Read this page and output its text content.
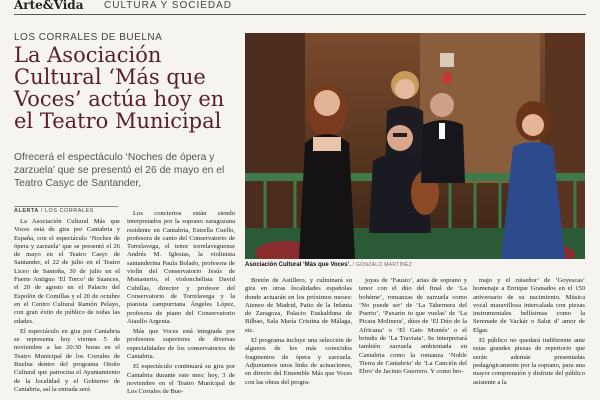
Arte&Vida CULTURA Y SOCIEDAD
LOS CORRALES DE BUELNA
La Asociación Cultural ‘Más que Voces’ actúa hoy en el Teatro Municipal
Ofrecerá el espectáculo ‘Noches de ópera y zarzuela’ que se presentó el 26 de mayo en el Teatro Casyc de Santander,
ALERTA / LOS CORRALES

La Asociación Cultural Más que Voces está de gira por Cantabria y España, con el espectáculo ‘Noches de ópera y zarzuela’ que se presentó el 26 de mayo en el Teatro Casyc de Santander, el 22 de julio en el Teatro Liceo de Santoña, 30 de julio en el Fuerte Antiguo ‘El Torco’ de Suances, el 20 de agosto en el Palacio del Espolón de Comillas y el 20 de octubre en el Centro Cultural Ramón Pelayo, con gran éxito de público de todas las edades.

El espectáculo en gira por Cantabria se representa hoy viernes 5 de noviembre a las 20:30 horas en el Teatro Municipal de los Corrales de Buelna dentro del programa Otoño Cultural que patrocina el Ayuntamiento de la localidad y el Gobierno de Cantabria, así la entrada será

Los conciertos están siendo interpretados por la soprano zaragozana residente en Cantabria, Estrella Cuello, profesora de canto del Conservatorio de Torrelavega, el tenor torrelaveguense Andrés M. Iglesias, la violinista santanderina Paula Bolado, profesora de violín del Conservatorio Jesús de Monasterio, el violonchelista David Cubillas, director y profesor del Conservatorio de Torrelavega y la pianista campurriana Ángeles López, profesora de piano del Conservatorio Ataulfo Argenta.

Más que Voces está integrada por profesores superiores de diversas especialidades de los conservatorios de Cantabria.

El espectáculo continuará su gira por Cantabria durante este mes: hoy, 3 de noviembre en el Teatro Municipal de Los Corrales de Bue-

Asociación Cultural ‘Más que Voces’. / GONZALO MARTÍNEZ

Bretón de Astillero, y culminará su gira en otras localidades españolas donde actuarán en los próximos meses: Ateneo de Madrid, Patio de la Infanta de Zaragoza, Palacio Euskalduna de Bilbao, Sala María Cristina de Málaga, etc.

El programa incluye una selección de algunos de los más conocidos fragmentos de ópera y zarzuela. Adjuntamos unos links de actuaciones, en directo del Ensemble Más que Voces con las obras del progra-

joyas de ‘Fausto’, arias de soprano y tenor con el dúo del final de ‘La bohème’, romanzas de zarzuela como ‘No puede ser’ de ‘La Tabernera del Puerto’, ‘Paxarín tu que vuelas’ de ‘La Picara Molinera’, dúos de ‘El Dúo de la Africana’ o ‘El Gato Montés’ o el brindis de ‘La Traviata’. Se interpretará también zarzuela ambientada en Cantabria como la romanza ‘Noble Tierra de Cantabria’ de ‘La Canción del Ebro’ de Jacinto Guerrero. Y como bro-

majo y el ruiseñor’ de ‘Goyescas’ homenaje a Enrique Granados en el 150 aniversario de su nacimiento. Música vocal maravillosa intercalada con piezas instrumentales bellísimas como la Serenade de Vackár o Salut d’ amor de Elgar.

El público no quedará indiferente ante estas grandes piezas de repertorio que serán además presentadas pedagógicamente por la soprano, para una mayor comprensión y disfrute del público asistente a la
